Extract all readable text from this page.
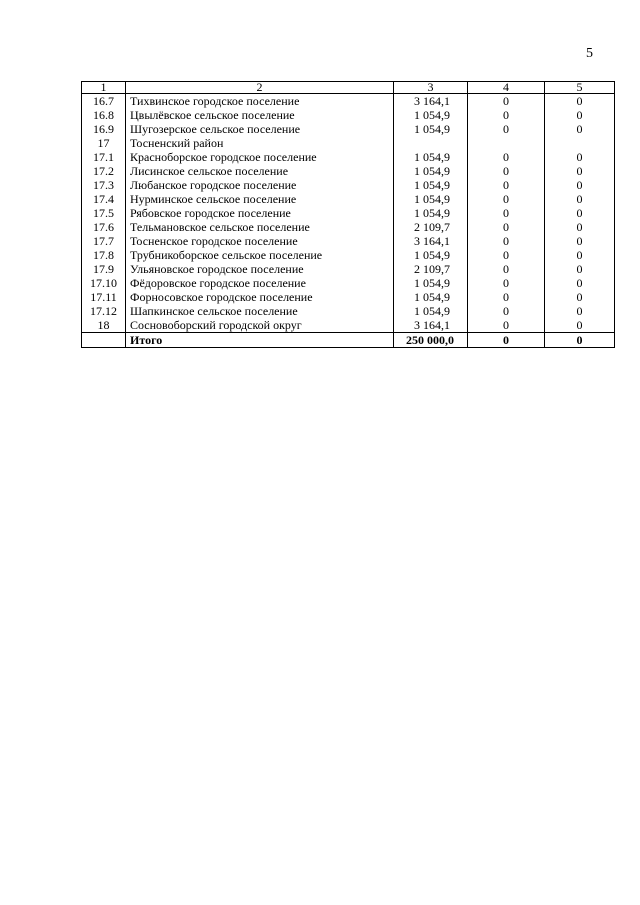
5
1	2	3	4	5
16.7	Тихвинское городское поселение	3 164,1	0	0
16.8	Цвылёвское сельское поселение	1 054,9	0	0
16.9	Шугозерское сельское поселение	1 054,9	0	0
17	Тосненский район			
17.1	Красноборское городское поселение	1 054,9	0	0
17.2	Лисинское сельское поселение	1 054,9	0	0
17.3	Любанское городское поселение	1 054,9	0	0
17.4	Нурминское сельское поселение	1 054,9	0	0
17.5	Рябовское городское поселение	1 054,9	0	0
17.6	Тельмановское сельское поселение	2 109,7	0	0
17.7	Тосненское городское поселение	3 164,1	0	0
17.8	Трубникоборское сельское поселение	1 054,9	0	0
17.9	Ульяновское городское поселение	2 109,7	0	0
17.10	Фёдоровское городское поселение	1 054,9	0	0
17.11	Форносовское городское поселение	1 054,9	0	0
17.12	Шапкинское сельское поселение	1 054,9	0	0
18	Сосновоборский городской округ	3 164,1	0	0
	Итого	250 000,0	0	0
